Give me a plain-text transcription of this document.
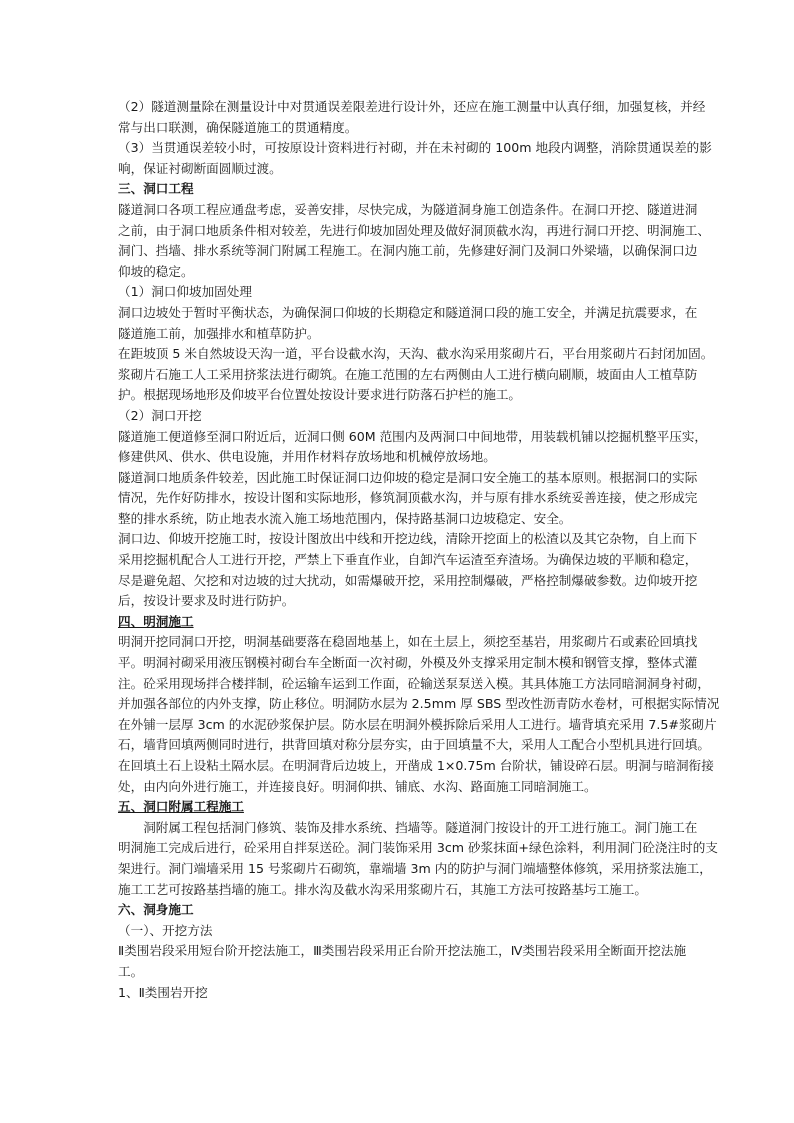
（2）隧道测量除在测量设计中对贯通误差限差进行设计外，还应在施工测量中认真仔细，加强复核，并经
常与出口联测，确保隧道施工的贯通精度。
（3）当贯通误差较小时，可按原设计资料进行衬砌，并在未衬砌的 100m 地段内调整，消除贯通误差的影
响，保证衬砌断面圆顺过渡。
三、洞口工程
隧道洞口各项工程应通盘考虑，妥善安排，尽快完成，为隧道洞身施工创造条件。在洞口开挖、隧道进洞
之前，由于洞口地质条件相对较差，先进行仰坡加固处理及做好洞顶截水沟，再进行洞口开挖、明洞施工、
洞门、挡墙、排水系统等洞门附属工程施工。在洞内施工前，先修建好洞门及洞口外梁墙，以确保洞口边
仰坡的稳定。
（1）洞口仰坡加固处理
洞口边坡处于暂时平衡状态，为确保洞口仰坡的长期稳定和隧道洞口段的施工安全，并满足抗震要求，在
隧道施工前，加强排水和植草防护。
在距坡顶 5 米自然坡设天沟一道，平台设截水沟，天沟、截水沟采用浆砌片石，平台用浆砌片石封闭加固。
浆砌片石施工人工采用挤浆法进行砌筑。在施工范围的左右两侧由人工进行横向刷顺，坡面由人工植草防
护。根据现场地形及仰坡平台位置处按设计要求进行防落石护栏的施工。
（2）洞口开挖
隧道施工便道修至洞口附近后，近洞口侧 60M 范围内及两洞口中间地带，用装载机铺以挖掘机整平压实，
修建供风、供水、供电设施，并用作材料存放场地和机械停放场地。
隧道洞口地质条件较差，因此施工时保证洞口边仰坡的稳定是洞口安全施工的基本原则。根据洞口的实际
情况，先作好防排水，按设计图和实际地形，修筑洞顶截水沟，并与原有排水系统妥善连接，使之形成完
整的排水系统，防止地表水流入施工场地范围内，保持路基洞口边坡稳定、安全。
洞口边、仰坡开挖施工时，按设计图放出中线和开挖边线，清除开挖面上的松渣以及其它杂物，自上而下
采用挖掘机配合人工进行开挖，严禁上下垂直作业，自卸汽车运渣至弃渣场。为确保边坡的平顺和稳定，
尽是避免超、欠挖和对边坡的过大扰动，如需爆破开挖，采用控制爆破，严格控制爆破参数。边仰坡开挖
后，按设计要求及时进行防护。
四、明洞施工
明洞开挖同洞口开挖，明洞基础要落在稳固地基上，如在土层上，须挖至基岩，用浆砌片石或素砼回填找
平。明洞衬砌采用液压钢模衬砌台车全断面一次衬砌，外模及外支撑采用定制木模和钢管支撑，整体式灌
注。砼采用现场拌合楼拌制，砼运输车运到工作面，砼输送泵泵送入模。其具体施工方法同暗洞洞身衬砌，
并加强各部位的内外支撑，防止移位。明洞防水层为 2.5mm 厚 SBS 型改性沥青防水卷材，可根据实际情况
在外铺一层厚 3cm 的水泥砂浆保护层。防水层在明洞外模拆除后采用人工进行。墙背填充采用 7.5#浆砌片
石，墙背回填两侧同时进行，拱背回填对称分层夯实，由于回填量不大，采用人工配合小型机具进行回填。
在回填土石上设粘土隔水层。在明洞背后边坡上，开凿成 1×0.75m 台阶状，铺设碎石层。明洞与暗洞衔接
处，由内向外进行施工，并连接良好。明洞仰拱、铺底、水沟、路面施工同暗洞施工。
五、洞口附属工程施工
洞附属工程包括洞门修筑、装饰及排水系统、挡墙等。隧道洞门按设计的开工进行施工。洞门施工在
明洞施工完成后进行，砼采用自拌泵送砼。洞门装饰采用 3cm 砂浆抹面+绿色涂料，利用洞门砼浇注时的支
架进行。洞门端墙采用 15 号浆砌片石砌筑，靠端墙 3m 内的防护与洞门端墙整体修筑，采用挤浆法施工，
施工工艺可按路基挡墙的施工。排水沟及截水沟采用浆砌片石，其施工方法可按路基圬工施工。
六、洞身施工
（一）、开挖方法
Ⅱ类围岩段采用短台阶开挖法施工，Ⅲ类围岩段采用正台阶开挖法施工，Ⅳ类围岩段采用全断面开挖法施
工。
1、Ⅱ类围岩开挖
